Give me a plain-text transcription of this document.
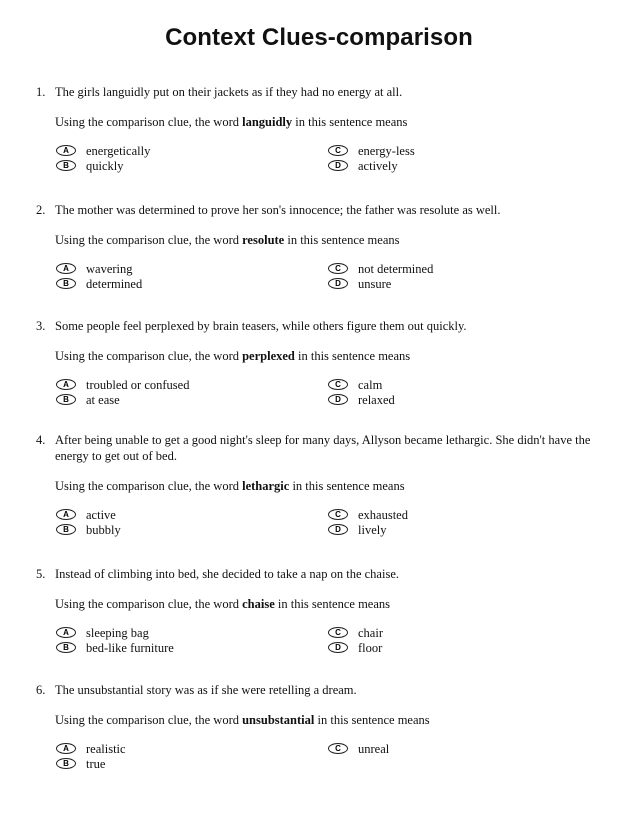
Context Clues-comparison
1. The girls languidly put on their jackets as if they had no energy at all.
Using the comparison clue, the word languidly in this sentence means
A	energetically
B	quickly
C	energy-less
D	actively
2. The mother was determined to prove her son's innocence; the father was resolute as well.
Using the comparison clue, the word resolute in this sentence means
A	wavering
B	determined
C	not determined
D	unsure
3. Some people feel perplexed by brain teasers, while others figure them out quickly.
Using the comparison clue, the word perplexed in this sentence means
A	troubled or confused
B	at ease
C	calm
D	relaxed
4. After being unable to get a good night's sleep for many days, Allyson became lethargic. She didn't have the energy to get out of bed.
Using the comparison clue, the word lethargic in this sentence means
A	active
B	bubbly
C	exhausted
D	lively
5. Instead of climbing into bed, she decided to take a nap on the chaise.
Using the comparison clue, the word chaise in this sentence means
A	sleeping bag
B	bed-like furniture
C	chair
D	floor
6. The unsubstantial story was as if she were retelling a dream.
Using the comparison clue, the word unsubstantial in this sentence means
A	realistic
B	true
C	unreal
